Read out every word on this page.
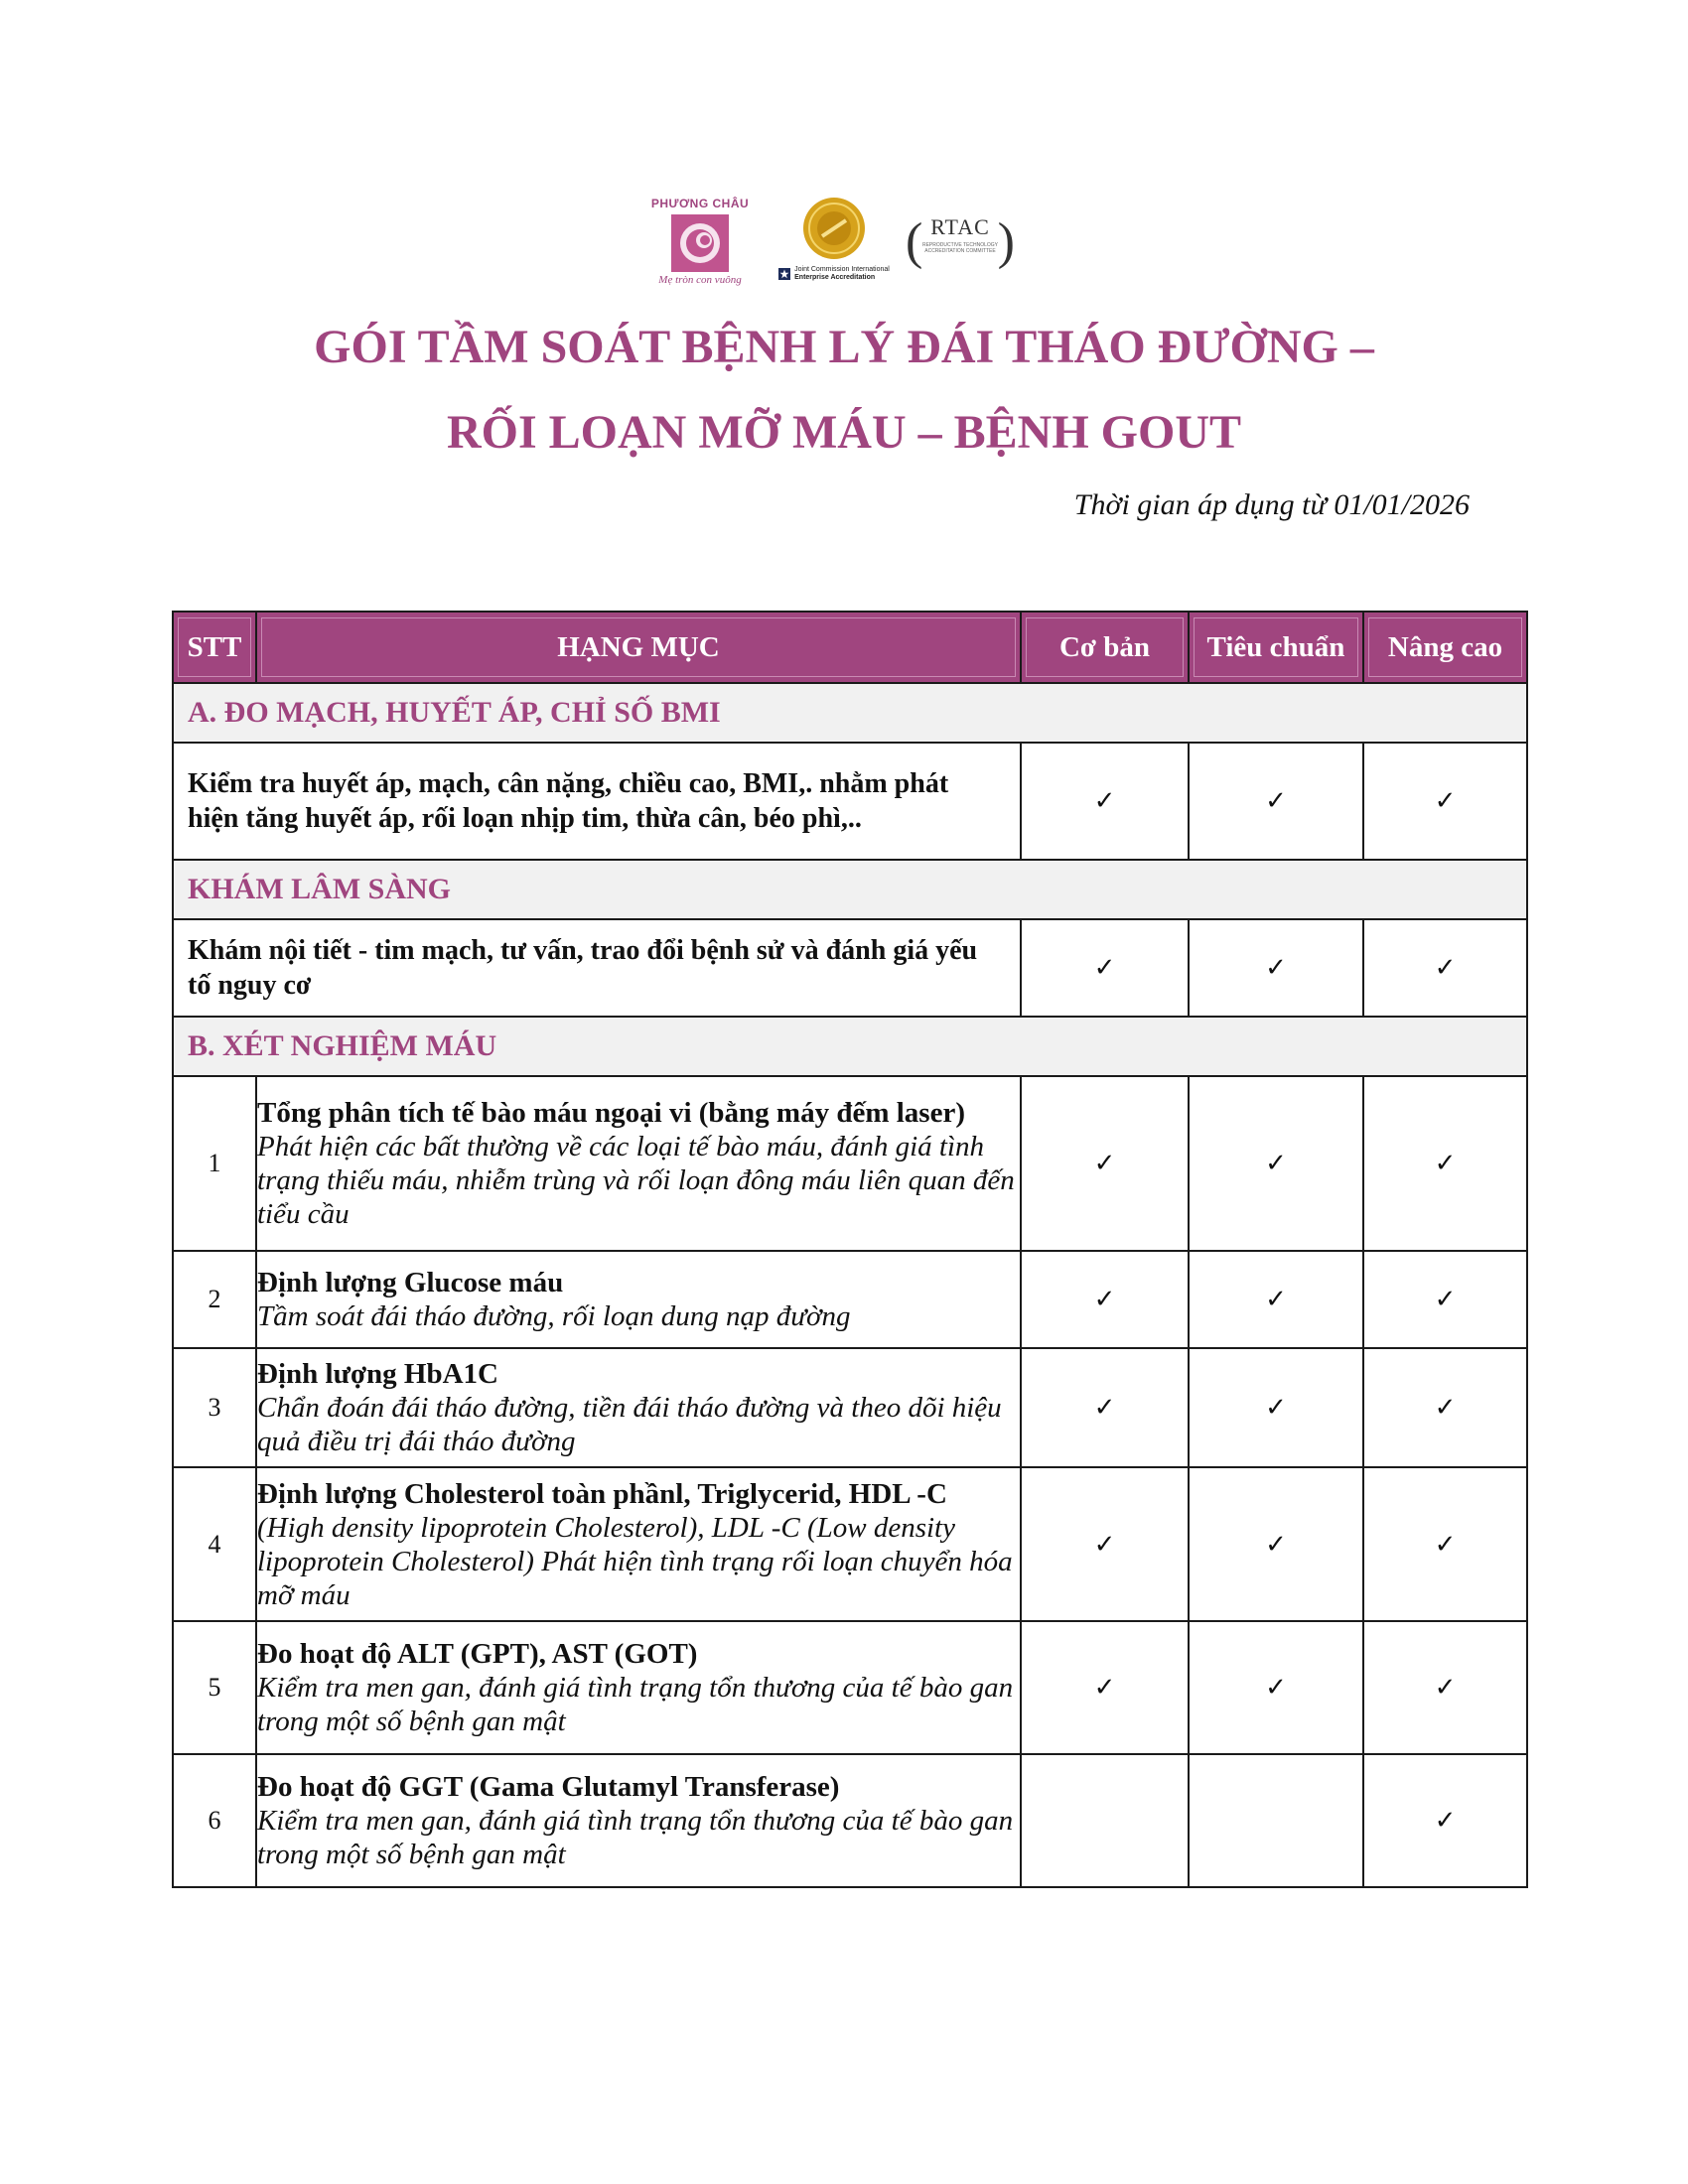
PHƯƠNG CHÂU
Mẹ tròn con vuông
Joint Commission International
Enterprise Accreditation
( )
RTAC
REPRODUCTIVE TECHNOLOGY ACCREDITATION COMMITTEE
GÓI TẦM SOÁT BỆNH LÝ ĐÁI THÁO ĐƯỜNG –
RỐI LOẠN MỠ MÁU – BỆNH GOUT
Thời gian áp dụng từ 01/01/2026
STT	HẠNG MỤC	Cơ bản	Tiêu chuẩn	Nâng cao

A. ĐO MẠCH, HUYẾT ÁP, CHỈ SỐ BMI				
Kiểm tra huyết áp, mạch, cân nặng, chiều cao, BMI,. nhằm phát hiện tăng huyết áp, rối loạn nhịp tim, thừa cân, béo phì,..		✓	✓	✓
KHÁM LÂM SÀNG				
Khám nội tiết - tim mạch, tư vấn, trao đổi bệnh sử và đánh giá yếu tố nguy cơ		✓	✓	✓
B. XÉT NGHIỆM MÁU				
1	Tổng phân tích tế bào máu ngoại vi (bằng máy đếm laser)
Phát hiện các bất thường về các loại tế bào máu, đánh giá tình trạng thiếu máu, nhiễm trùng và rối loạn đông máu liên quan đến tiểu cầu	✓	✓	✓
2	Định lượng Glucose máu
Tầm soát đái tháo đường, rối loạn dung nạp đường	✓	✓	✓
3	Định lượng HbA1C
Chẩn đoán đái tháo đường, tiền đái tháo đường và theo dõi hiệu quả điều trị đái tháo đường	✓	✓	✓
4	Định lượng Cholesterol toàn phầnl, Triglycerid, HDL -C
(High density lipoprotein Cholesterol), LDL -C (Low density lipoprotein Cholesterol) Phát hiện tình trạng rối loạn chuyển hóa mỡ máu	✓	✓	✓
5	Đo hoạt độ ALT (GPT), AST (GOT)
Kiểm tra men gan, đánh giá tình trạng tổn thương của tế bào gan trong một số bệnh gan mật	✓	✓	✓
6	Đo hoạt độ GGT (Gama Glutamyl Transferase)
Kiểm tra men gan, đánh giá tình trạng tổn thương của tế bào gan trong một số bệnh gan mật			✓
